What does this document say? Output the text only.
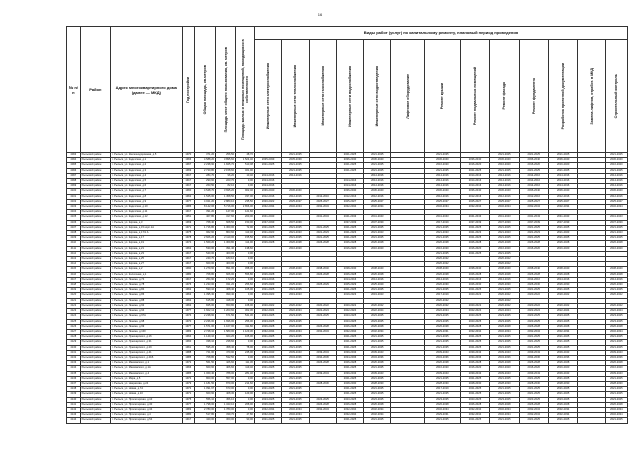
16
№ п/п	Район	Адрес многоквартирного дома (далее — МКД)	Год постройки	Общая площадь, кв.метров	Площадь мест общего пользования, кв. метров	Площадь жилых и нежилых помещений, находящихся в собственности	Виды работ (услуг) по капитальному ремонту, плановый период проведения												

							Инженерные сети электроснабжения	Инженерные сети теплоснабжения	Инженерные сети газоснабжения	Инженерные сети водоснабжения	Инженерные сети водоотведения	Лифтовое оборудование	Ремонт крыши	Ремонт подвальных помещений	Ремонт фасада	Ремонт фундамента	Разработка проектной документации	Замена лифтов, отработ. в МКД	Строительный контроль

4093	Рыльский район	г. Рыльск, ул. Железнодорожная, д.5	1970	371,20	256,50	48,70		2021-2025		2021-2025	2021-2025		2021-2025		2021-2025	2021-2025	2021-2025		2021-2025
4094	Рыльский район	г. Рыльск, ул. Кадетская, д.1	1966	4 588,20	3 895,60	1 524,40	2035-2039	2035-2039		2036-2040	2036-2040		2036-2040	2036-2040	2036-2040	2036-2040	2036-2040		2036-2040
4095	Рыльский район	г. Рыльск, ул. Кадетская, д.2	1967	2 238,90	1 845,70	510,08	2021-2025	2021-2025		2021-2025	2021-2025		2016-2020	2016-2020	2016-2020	2016-2020	2016-2020		2016-2020
4096	Рыльский район	г. Рыльск, ул. Кадетская, д.3	1969	2 720,80	2 158,60	461,90		2021-2025		2021-2025	2021-2025		2021-2025	2021-2025	2021-2025	2021-2025	2021-2025		2021-2025
4097	Рыльский район	г. Рыльск, ул. Кадетская, д.4	1917	284,70	96,20	10,40	2014-2016	2014-2016			2014-2016		2014-2016	2014-2016	2014-2016	2014-2016	2014-2016		2014-2016
4098	Рыльский район	г. Рыльск, ул. Кадетская, д.5	1917	290,60	223,70	0,00	2014-2016			2014-2016	2014-2016		2014-2016	2014-2016	2014-2016	2014-2016	2014-2016		2014-2016
4099	Рыльский район	г. Рыльск, ул. Кадетская, д.6	1917	263,50	82,10	0,00	2014-2016			2014-2016	2014-2016		2014-2016	2014-2016	2014-2016	2014-2016	2014-2016		2014-2016
4100	Рыльский район	г. Рыльск, ул. Кадетская, д.7	1960	4 548,70	3 695,20	902,40	2036-2040	2036-2040		2036-2040	2036-2040		2036-2040	2036-2040	2036-2040	2036-2040	2036-2040		2036-2040
4101	Рыльский район	г. Рыльск, ул. Кадетская, д.8	1962	1 525,00	1 458,50	337,00	2012-2016	2012-2016	2012-2016	2012-2016	2012-2016		2012-2016	2012-2016	2012-2016	2012-2016	2012-2016		2012-2016
4102	Рыльский район	г. Рыльск, ул. Кадетская, д.9	1977	4 021,20	2 880,10	235,50	2020-2022	2025-2027	2025-2027	2025-2027	2025-2027		2025-2027	2025-2027	2025-2027	2025-2027	2025-2027		2025-2027
4103	Рыльский район	г. Рыльск, ул. Кадетская, д.10	1986	8 142,06	5 716,00	2 656,00	2032-2034	2032-2034	2032-2034	2032-2034	2032-2034		2032-2034	2032-2034	2032-2034	2032-2034	2032-2034		2032-2034
4104	Рыльский район	г. Рыльск, ул. Кадетская, д.11	1917	391,20	147,00	121,60													
4105	Рыльский район	г. Рыльск, ул. Кадетская, д.12	1951	407,80	317,60	200,00	2041-2043		2041-2043	2041-2043	2041-2043		2041-2043	2041-2043	2041-2043	2041-2043	2041-2043		2041-2043
4106	Рыльский район	г. Рыльск, ул. Кирова, д.3	1969	768,40	668,50	150,00	2037-2039	2037-2039		2037-2039	2037-2039		2017-2019	2037-2039	2037-2039	2037-2039	2037-2039		2037-2039
4107	Рыльский район	г. Рыльск, ул. Кирова, д.15 корп.1А	1971	1 716,80	1 360,00	72,90	2021-2025	2021-2025	2021-2025	2021-2025	2021-2025		2021-2025	2021-2025	2021-2025	2021-2025	2021-2025		2021-2025
4108	Рыльский район	г. Рыльск, ул. Кирова, д.17/1 А	1975	962,60	863,60	113,40	2021-2023	2021-2023	2021-2023	2021-2023	2021-2023		2021-2023	2021-2023	2021-2023	2021-2023	2021-2023		2021-2023
4109	Рыльский район	г. Рыльск, ул. Кирова, д.17	1978	2 606,20	2 110,00	155,50	2021-2025	2021-2025	2021-2025	2021-2025	2021-2025		2021-2025	2021-2025	2021-2025	2021-2025	2021-2025		2021-2025
4110	Рыльский район	г. Рыльск, ул. Кирова, д.19	1974	1 569,20	1 369,80	114,90	2026-2028	2026-2028	2026-2028	2026-2028	2026-2028		2026-2028	2026-2028	2026-2028	2026-2028	2026-2028		2026-2028
4111	Рыльский район	г. Рыльск, ул. Кирова, д.21	1962	530,00	391,40	138,60		2016-2020		2016-2020	2016-2020		2016-2020	2016-2020	2016-2020	2016-2020	2016-2020		2016-2020
4112	Рыльский район	г. Рыльск, ул. Кирова, д.23	1917	540,00	400,00	0,00							2021-2025	2021-2025	2021-2025				
4113	Рыльский район	г. Рыльск, ул. Кирова, д.25	1917	240,70	183,10	0,00							2020-2022		2020-2022				
4114	Рыльский район	г. Рыльск, ул. Кирова, д.27	1917	600,00	400,00	0,00							2020-2022		2020-2022				
4115	Рыльский район	г. Рыльск, ул. Кирова, д.2	1990	1 279,60	891,00	458,30	2038-2040	2038-2040	2038-2040	2038-2040	2038-2040		2038-2040	2038-2040	2038-2040	2038-2040	2038-2040		2038-2040
4116	Рыльский район	г. Рыльск, ул. Колхозная, д.1	1980	708,80	666,00	556,80	2026-2028	2026-2028	2026-2028	2026-2028	2026-2028		2026-2028	2026-2028	2026-2028	2026-2028	2026-2028		2026-2028
4117	Рыльский район	г. Рыльск, ул. Ленина, д.74	1917	254,90	172,20	0,00	2014-2016			2014-2016	2014-2016		2014-2016	2014-2016	2014-2016	2014-2016	2014-2016		2014-2016
4118	Рыльский район	г. Рыльск, ул. Ленина, д.78	1976	1 233,00	931,20	256,60	2025-2029	2025-2029	2025-2029	2025-2029	2025-2029		2026-2030	2026-2030	2026-2030	2026-2030	2026-2030		2026-2030
4119	Рыльский район	г. Рыльск, ул. Ленина, д.84	1962	590,10	468,40	105,00	2021-2025	2021-2025		2021-2025	2021-2025		2021-2025	2021-2025	2021-2025	2021-2025	2021-2025		2021-2025
4120	Рыльский район	г. Рыльск, ул. Ленина, д.86	1962	1 395,30	999,40	0,00	2019-2023	2019-2023		2019-2023	2019-2023		2017-2019	2020-2022	2020-2022	2020-2022	2020-2022		2020-2022
4121	Рыльский район	г. Рыльск, ул. Ленина, д.88	1962	615,80	418,30	0,00							2020-2022		2020-2022				
4122	Рыльский район	г. Рыльск, ул. Ленина, д.92	1962	825,00	650,80	168,00	2020-2022	2020-2022	2020-2022	2020-2022	2020-2022		2020-2022	2020-2022	2020-2022	2020-2022	2020-2022		2020-2022
4123	Рыльский район	г. Рыльск, ул. Ленина, д.94	1977	1 602,12	1 203,60	302,30	2022-2024	2022-2024	2022-2024	2022-2024	2022-2024		2022-2024	2022-2024	2022-2024	2022-2024	2022-2024		2022-2024
4124	Рыльский район	г. Рыльск, ул. Ленина, д.97А	1974	2 238,60	671,50	541,30	2023-2025	2023-2025	2023-2025	2023-2025	2023-2025		2023-2025	2023-2025	2023-2025	2023-2025	2023-2025		2023-2025
4125	Рыльский район	г. Рыльск, ул. Ленина, д.98	1970	2 236,00	1 696,00	256,00	2023-2025	2023-2025		2023-2025	2023-2025		2023-2025	2023-2025	2023-2025	2023-2025	2023-2025		2023-2025
4126	Рыльский район	г. Рыльск, ул. Ленина, д.99	1977	1 571,00	1 167,00	311,80	2026-2028	2026-2028	2026-2028	2026-2028	2026-2028		2026-2028	2026-2028	2026-2028	2026-2028	2026-2028		2026-2028
4127	Рыльский район	г. Рыльск, ул. Ленина, д.100	1983	2 728,10	1 580,00	1 129,30	2032-2034	2032-2034	2032-2034	2032-2034	2032-2034		2029-2031	2032-2034	2032-2034	2032-2034	2032-2034		2032-2034
4128	Рыльский район	г. Рыльск, ул. Луначарского, д.16	1964	1 149,10	924,20	105,00	2021-2025	2021-2025		2021-2025	2021-2025		2021-2025	2021-2025	2021-2025	2021-2025	2021-2025		2021-2025
4129	Рыльский район	г. Рыльск, ул. Луначарского, д.31	1960	338,10	238,60	0,00	2021-2025	2021-2025		2021-2025	2021-2025		2021-2025	2021-2025	2021-2025	2021-2025	2021-2025		2021-2025
4130	Рыльский район	г. Рыльск, ул. Луначарского, д.29	1961	595,20	458,40	78,00	2021-2025	2021-2025		2021-2025	2021-2025		2021-2025	2021-2025	2021-2025	2021-2025	2021-2025		2021-2025
4131	Рыльский район	г. Рыльск, ул. Луначарского, д.41	1988	721,00	470,90	245,00	2039-2043	2039-2043	2039-2043	2039-2043	2039-2043		2039-2043	2039-2043	2039-2043	2039-2043	2039-2043		2039-2043
4132	Рыльский район	г. Рыльск, ул. Луначарского, д.41Б	1985	708,80	532,50	0,00	2034-2036	2034-2036	2034-2036	2034-2036	2034-2036		2034-2036	2034-2036	2034-2036	2034-2036	2034-2036		2034-2036
4133	Рыльский район	г. Рыльск, ул. Маяковского, д.1	1972	561,50	426,60	111,30	2026-2028	2026-2028	2026-2028	2026-2028	2026-2028		2026-2028	2026-2028	2026-2028	2026-2028	2026-2028		2026-2028
4134	Рыльский район	г. Рыльск, ул. Маяковского, д.1А	1966	600,60	406,60	119,40	2021-2025	2021-2025		2021-2025	2021-2025		2016-2020	2016-2020	2016-2020	2016-2020	2016-2020		2016-2020
4135	Рыльский район	г. Рыльск, ул. Маяковского, д.4	1985	1 069,40	788,00	281,40	2039-2043	2039-2043	2039-2043	2039-2043	2039-2043		2039-2043	2039-2043	2039-2043	2039-2043	2039-2043		2039-2043
4136	Рыльский район	г. Рыльск, ул. Мира, д.5	1972	800,00	557,00	0,00	2021-2025	2021-2025		2021-2025	2021-2025		2021-2025	2021-2025	2021-2025	2021-2025	2021-2025		2021-2025
4137	Рыльский район	г. Рыльск, ул. Некрасова, д.24	1979	1 181,50	879,00	214,60	2028-2030	2028-2030	2028-2030	2028-2030	2028-2030		2028-2030	2028-2030	2028-2030	2028-2030	2028-2030		2028-2030
4138	Рыльский район	г. Рыльск, ул. Новая, д.7А	1972	1 091,97	673,00	0,00	2021-2025	2021-2025		2021-2025	2021-2025		2017-2019	2021-2025	2021-2025	2021-2025	2021-2025		2021-2025
4139	Рыльский район	г. Рыльск, ул. Новая, д.10	1971	600,60	408,30	129,00	2021-2025	2021-2025		2021-2025	2021-2025		2021-2025	2021-2025	2021-2025	2021-2025	2021-2025		2021-2025
4140	Рыльский район	г. Рыльск, ул. Пролетарская, д.10	1975	556,10	456,10	0,00	2023-2025	2023-2025	2023-2025	2023-2025	2023-2025		2023-2025	2023-2025	2023-2025	2023-2025	2023-2025		2023-2025
4141	Рыльский район	г. Рыльск, ул. Пролетарская, д.30	1977	1 798,00	1 343,10	268,90	2026-2028	2026-2028	2026-2028	2026-2028	2026-2028		2026-2028	2026-2028	2026-2028	2026-2028	2026-2028		2026-2028
4142	Рыльский район	г. Рыльск, ул. Пролетарская, д.34	1983	2 780,00	1 780,00	0,00	2032-2034	2032-2034	2032-2034	2032-2034	2032-2034		2032-2034	2032-2034	2032-2034	2032-2034	2032-2034		2032-2034
4143	Рыльский район	г. Рыльск, ул. Пролетарская, д.4	1980	517,80	339,70	47,80	2032-2034	2032-2034		2032-2034	2032-2034		2029-2031	2032-2034	2032-2034	2032-2034	2032-2034		2032-2034
4144	Рыльский район	г. Рыльск, ул. Пролетарская, д.54	1917	420,00	360,00	90,00	2021-2025	2021-2025		2021-2025	2021-2025		2021-2025	2021-2025	2021-2025	2021-2025	2021-2025		2021-2025
